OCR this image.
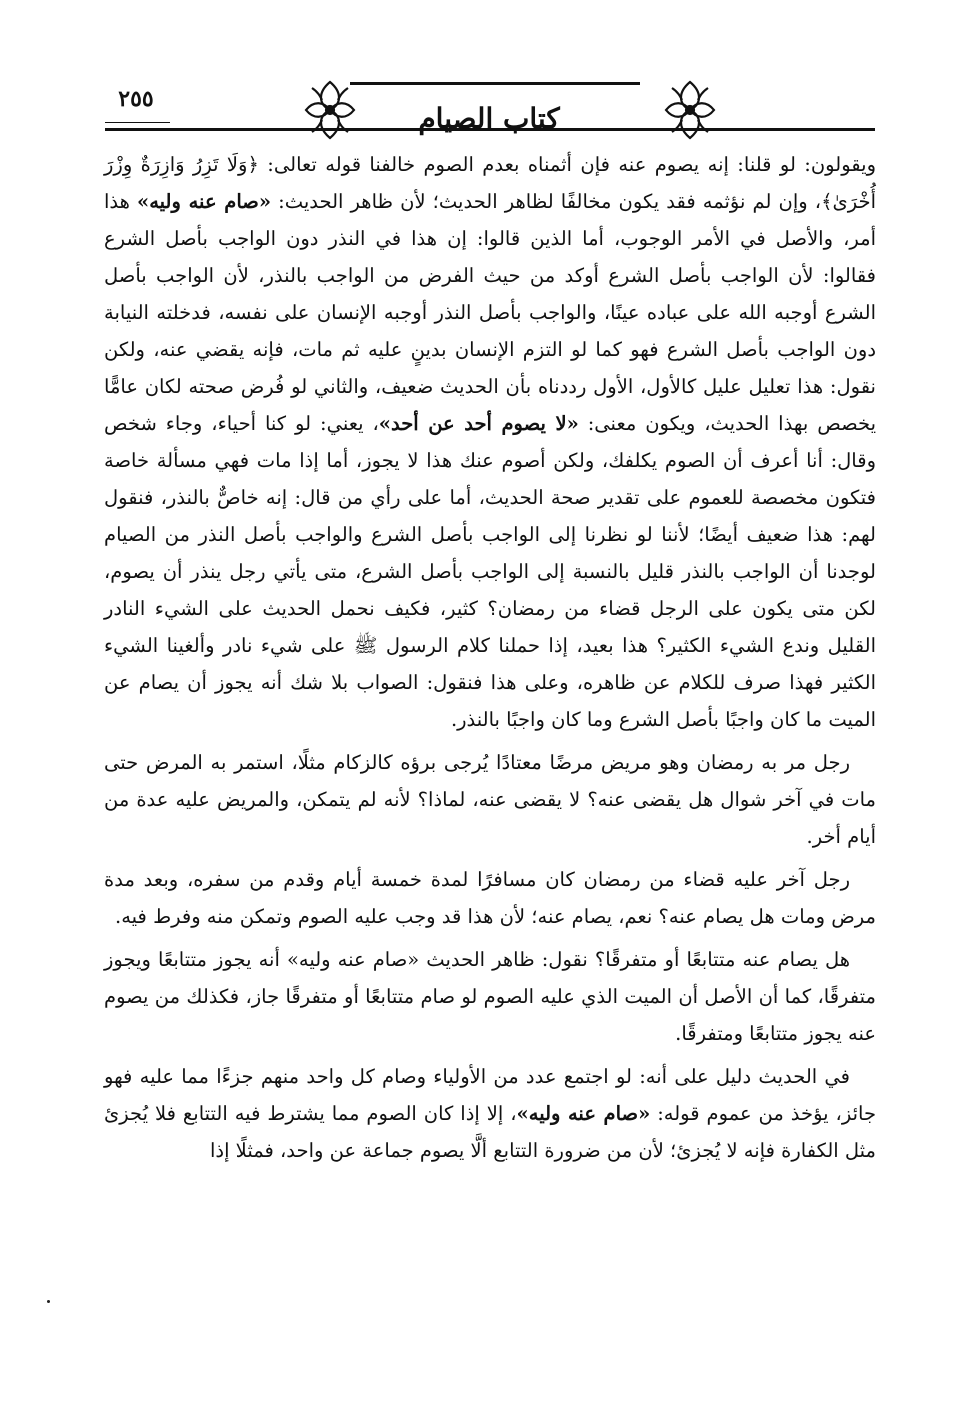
٢٥٥
كتاب الصيام

ويقولون: لو قلنا: إنه يصوم عنه فإن أثمناه بعدم الصوم خالفنا قوله تعالى: ﴿وَلَا تَزِرُ وَازِرَةٌ وِزْرَ أُخْرَىٰ﴾، وإن لم نؤثمه فقد يكون مخالفًا لظاهر الحديث؛ لأن ظاهر الحديث: «صام عنه وليه» هذا أمر، والأصل في الأمر الوجوب، أما الذين قالوا: إن هذا في النذر دون الواجب بأصل الشرع فقالوا: لأن الواجب بأصل الشرع أوكد من حيث الفرض من الواجب بالنذر، لأن الواجب بأصل الشرع أوجبه الله على عباده عينًا، والواجب بأصل النذر أوجبه الإنسان على نفسه، فدخلته النيابة دون الواجب بأصل الشرع فهو كما لو التزم الإنسان بدينٍ عليه ثم مات، فإنه يقضي عنه، ولكن نقول: هذا تعليل عليل كالأول، الأول رددناه بأن الحديث ضعيف، والثاني لو فُرض صحته لكان عامًّا يخصص بهذا الحديث، ويكون معنى: «لا يصوم أحد عن أحد»، يعني: لو كنا أحياء، وجاء شخص وقال: أنا أعرف أن الصوم يكلفك، ولكن أصوم عنك هذا لا يجوز، أما إذا مات فهي مسألة خاصة فتكون مخصصة للعموم على تقدير صحة الحديث، أما على رأي من قال: إنه خاصٌّ بالنذر، فنقول لهم: هذا ضعيف أيضًا؛ لأننا لو نظرنا إلى الواجب بأصل الشرع والواجب بأصل النذر من الصيام لوجدنا أن الواجب بالنذر قليل بالنسبة إلى الواجب بأصل الشرع، متى يأتي رجل ينذر أن يصوم، لكن متى يكون على الرجل قضاء من رمضان؟ كثير، فكيف نحمل الحديث على الشيء النادر القليل وندع الشيء الكثير؟ هذا بعيد، إذا حملنا كلام الرسول ﷺ على شيء نادر وألغينا الشيء الكثير فهذا صرف للكلام عن ظاهره، وعلى هذا فنقول: الصواب بلا شك أنه يجوز أن يصام عن الميت ما كان واجبًا بأصل الشرع وما كان واجبًا بالنذر.

رجل مر به رمضان وهو مريض مرضًا معتادًا يُرجى برؤه كالزكام مثلًا، استمر به المرض حتى مات في آخر شوال هل يقضى عنه؟ لا يقضى عنه، لماذا؟ لأنه لم يتمكن، والمريض عليه عدة من أيام أخر.

رجل آخر عليه قضاء من رمضان كان مسافرًا لمدة خمسة أيام وقدم من سفره، وبعد مدة مرض ومات هل يصام عنه؟ نعم، يصام عنه؛ لأن هذا قد وجب عليه الصوم وتمكن منه وفرط فيه.

هل يصام عنه متتابعًا أو متفرقًا؟ نقول: ظاهر الحديث «صام عنه وليه» أنه يجوز متتابعًا ويجوز متفرقًا، كما أن الأصل أن الميت الذي عليه الصوم لو صام متتابعًا أو متفرقًا جاز، فكذلك من يصوم عنه يجوز متتابعًا ومتفرقًا.

في الحديث دليل على أنه: لو اجتمع عدد من الأولياء وصام كل واحد منهم جزءًا مما عليه فهو جائز، يؤخذ من عموم قوله: «صام عنه وليه»، إلا إذا كان الصوم مما يشترط فيه التتابع فلا يُجزئ مثل الكفارة فإنه لا يُجزئ؛ لأن من ضرورة التتابع ألَّا يصوم جماعة عن واحد، فمثلًا إذا
